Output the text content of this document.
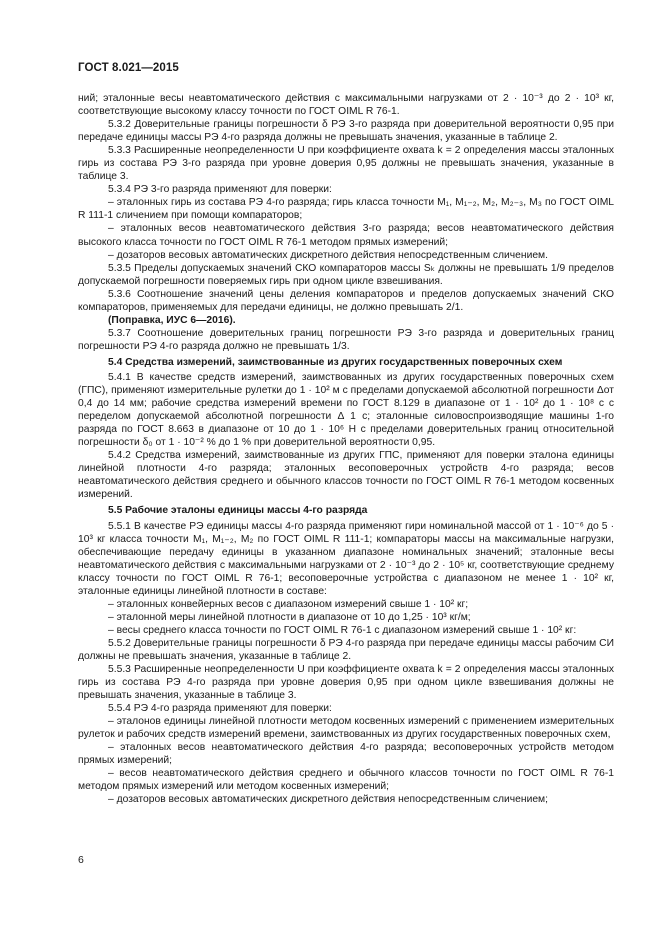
ГОСТ 8.021—2015

ний; эталонные весы неавтоматического действия с максимальными нагрузками от 2 · 10⁻³ до 2 · 10³ кг, соответствующие высокому классу точности по ГОСТ OIML R 76-1.

5.3.2 Доверительные границы погрешности δ РЭ 3-го разряда при доверительной вероятности 0,95 при передаче единицы массы РЭ 4-го разряда должны не превышать значения, указанные в таблице 2.

5.3.3 Расширенные неопределенности U при коэффициенте охвата k = 2 определения массы эталонных гирь из состава РЭ 3-го разряда при уровне доверия 0,95 должны не превышать значения, указанные в таблице 3.

5.3.4 РЭ 3-го разряда применяют для поверки:

– эталонных гирь из состава РЭ 4-го разряда; гирь класса точности M₁, M₁₋₂, M₂, M₂₋₃, M₃ по ГОСТ OIML R 111-1 сличением при помощи компараторов;

– эталонных весов неавтоматического действия 3-го разряда; весов неавтоматического действия высокого класса точности по ГОСТ OIML R 76-1 методом прямых измерений;

– дозаторов весовых автоматических дискретного действия непосредственным сличением.

5.3.5 Пределы допускаемых значений СКО компараторов массы Sₖ должны не превышать 1/9 пределов допускаемой погрешности поверяемых гирь при одном цикле взвешивания.

5.3.6 Соотношение значений цены деления компараторов и пределов допускаемых значений СКО компараторов, применяемых для передачи единицы, не должно превышать 2/1.

(Поправка, ИУС 6—2016).

5.3.7 Соотношение доверительных границ погрешности РЭ 3-го разряда и доверительных границ погрешности РЭ 4-го разряда должно не превышать 1/3.

5.4 Средства измерений, заимствованные из других государственных поверочных схем

5.4.1 В качестве средств измерений, заимствованных из других государственных поверочных схем (ГПС), применяют измерительные рулетки до 1 · 10² м с пределами допускаемой абсолютной погрешности Δот 0,4 до 14 мм; рабочие средства измерений времени по ГОСТ 8.129 в диапазоне от 1 · 10² до 1 · 10⁸ с с переделом допускаемой абсолютной погрешности Δ 1 с; эталонные силовоспроизводящие машины 1-го разряда по ГОСТ 8.663 в диапазоне от 10 до 1 · 10⁶ Н с пределами доверительных границ относительной погрешности δ₀ от 1 · 10⁻² % до 1 % при доверительной вероятности 0,95.

5.4.2 Средства измерений, заимствованные из других ГПС, применяют для поверки эталона единицы линейной плотности 4-го разряда; эталонных весоповерочных устройств 4-го разряда; весов неавтоматического действия среднего и обычного классов точности по ГОСТ OIML R 76-1 методом косвенных измерений.

5.5 Рабочие эталоны единицы массы 4-го разряда

5.5.1 В качестве РЭ единицы массы 4-го разряда применяют гири номинальной массой от 1 · 10⁻⁶ до 5 · 10³ кг класса точности M₁, M₁₋₂, M₂ по ГОСТ OIML R 111-1; компараторы массы на максимальные нагрузки, обеспечивающие передачу единицы в указанном диапазоне номинальных значений; эталонные весы неавтоматического действия с максимальными нагрузками от 2 · 10⁻³ до 2 · 10⁵ кг, соответствующие среднему классу точности по ГОСТ OIML R 76-1; весоповерочные устройства с диапазоном не менее 1 · 10² кг, эталонные единицы линейной плотности в составе:

– эталонных конвейерных весов с диапазоном измерений свыше 1 · 10² кг;

– эталонной меры линейной плотности в диапазоне от 10 до 1,25 · 10³ кг/м;

– весы среднего класса точности по ГОСТ OIML R 76-1 с диапазоном измерений свыше 1 · 10² кг:

5.5.2 Доверительные границы погрешности δ РЭ 4-го разряда при передаче единицы массы рабочим СИ должны не превышать значения, указанные в таблице 2.

5.5.3 Расширенные неопределенности U при коэффициенте охвата k = 2 определения массы эталонных гирь из состава РЭ 4-го разряда при уровне доверия 0,95 при одном цикле взвешивания должны не превышать значения, указанные в таблице 3.

5.5.4 РЭ 4-го разряда применяют для поверки:

– эталонов единицы линейной плотности методом косвенных измерений с применением измерительных рулеток и рабочих средств измерений времени, заимствованных из других государственных поверочных схем,

– эталонных весов неавтоматического действия 4-го разряда; весоповерочных устройств методом прямых измерений;

– весов неавтоматического действия среднего и обычного классов точности по ГОСТ OIML R 76-1 методом прямых измерений или методом косвенных измерений;

– дозаторов весовых автоматических дискретного действия непосредственным сличением;

6
